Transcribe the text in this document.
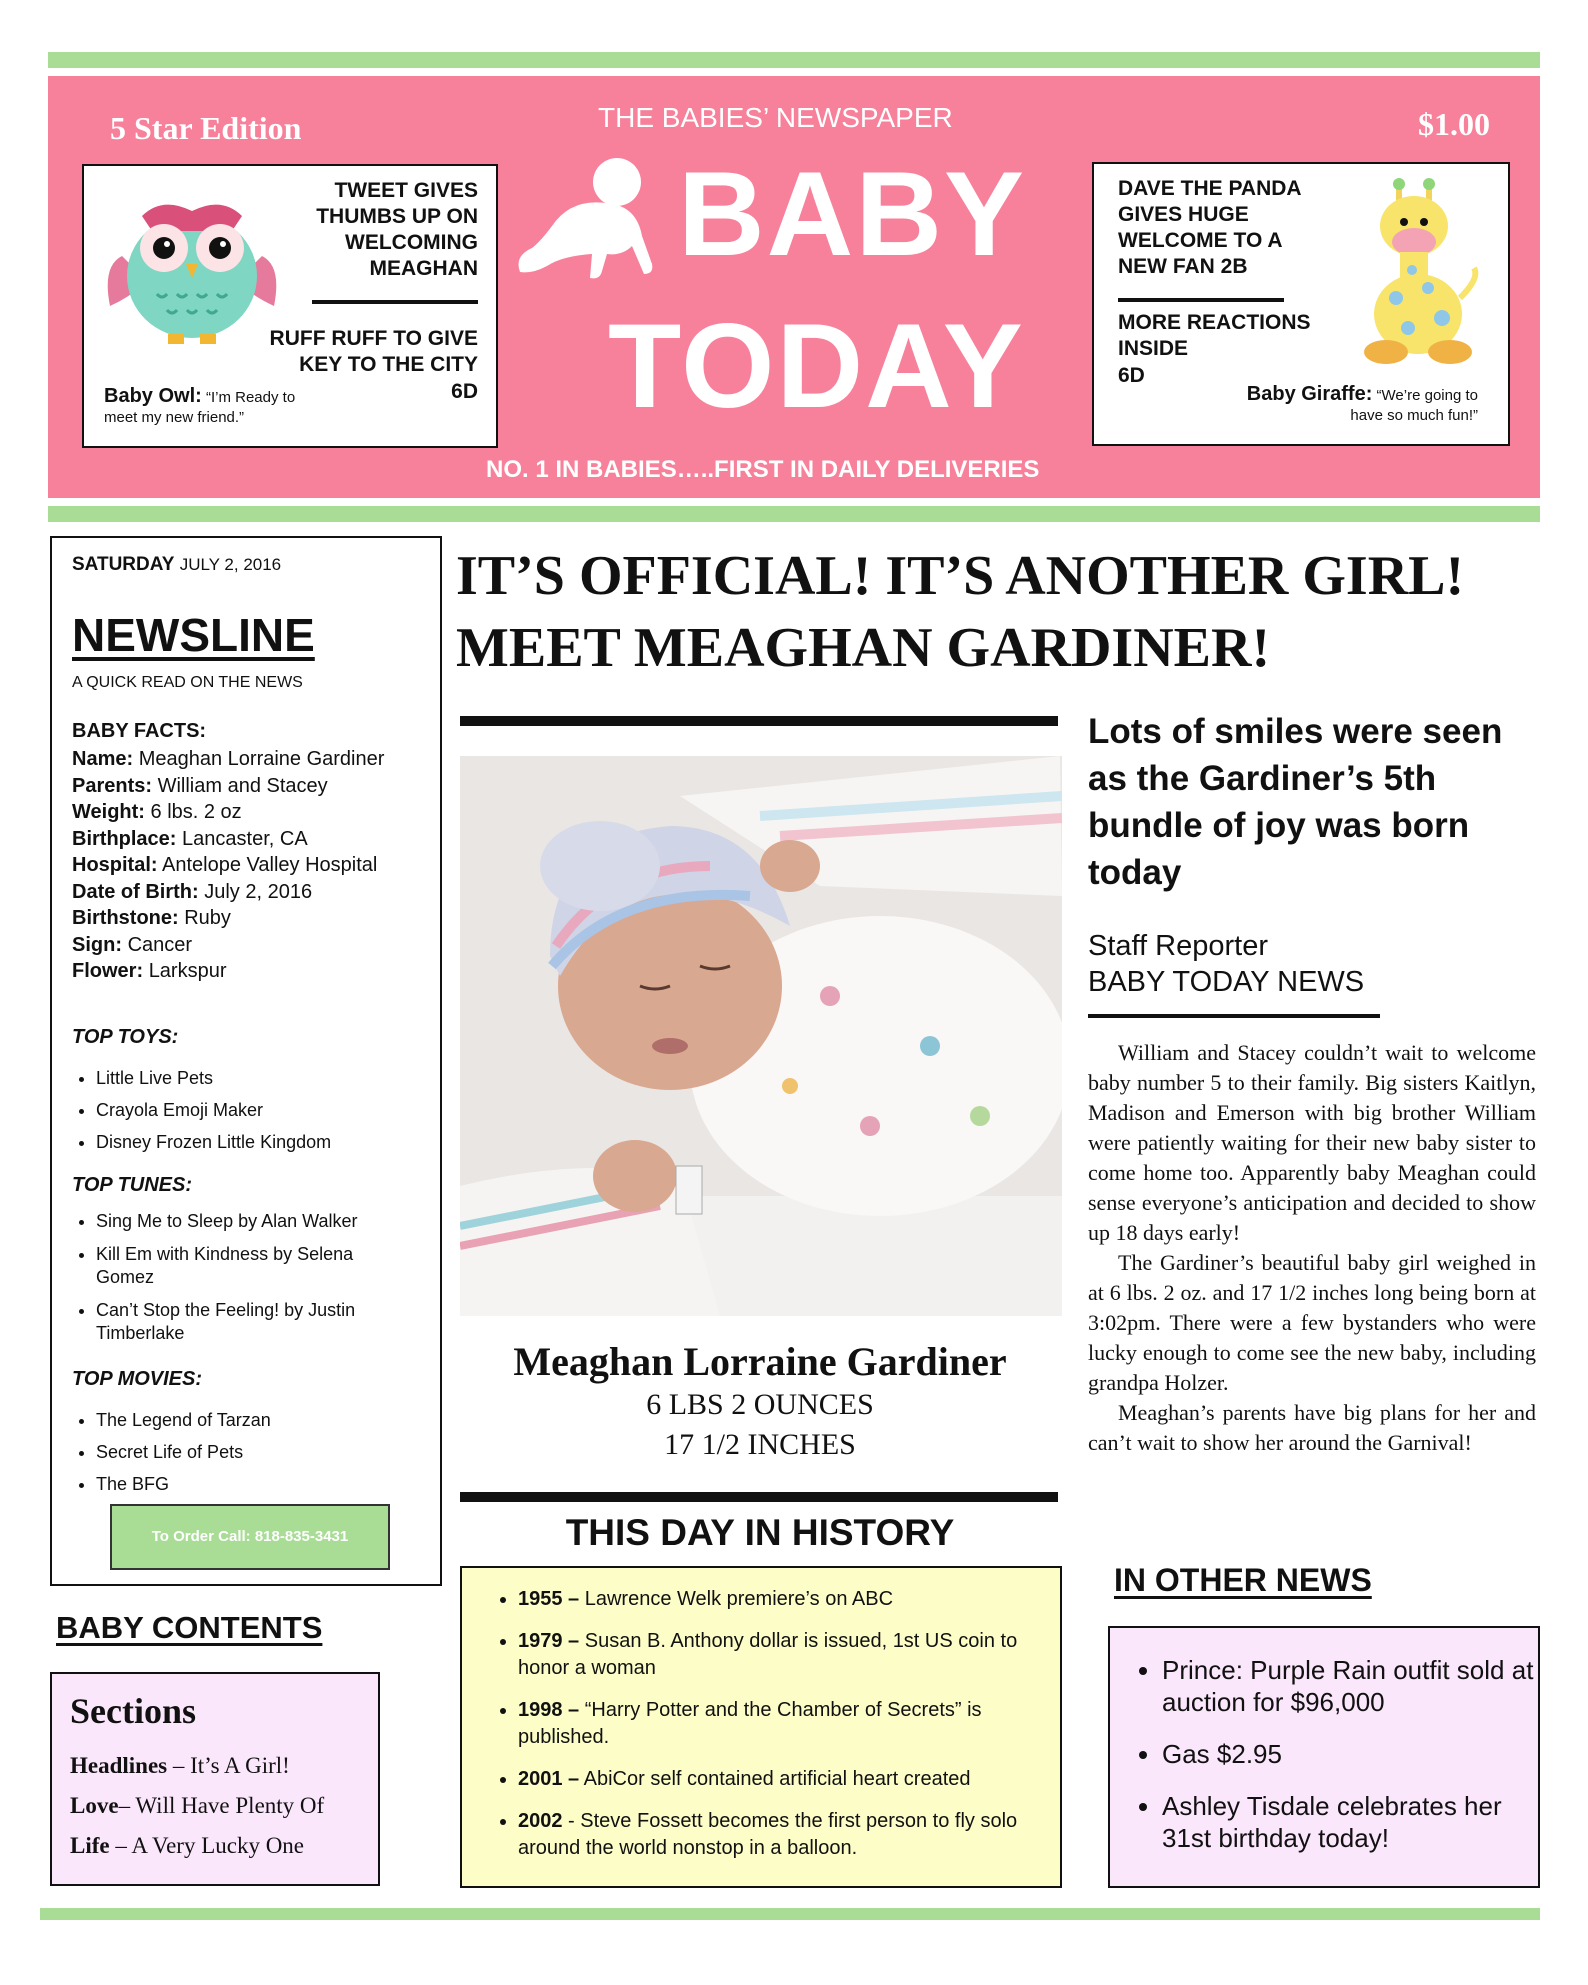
5 Star Edition	THE BABIES’ NEWSPAPER	$1.00
TWEET GIVES THUMBS UP ON WELCOMING MEAGHAN
RUFF RUFF TO GIVE KEY TO THE CITY
6D
Baby Owl: “I’m Ready to meet my new friend.”
BABY
TODAY
DAVE THE PANDA GIVES HUGE WELCOME TO A NEW FAN 2B
MORE REACTIONS INSIDE
6D
Baby Giraffe: “We’re going to have so much fun!”
NO. 1 IN BABIES…..FIRST IN DAILY DELIVERIES
SATURDAY JULY 2, 2016
NEWSLINE
A QUICK READ ON THE NEWS
BABY FACTS:
Name: Meaghan Lorraine Gardiner
Parents: William and Stacey
Weight: 6 lbs. 2 oz
Birthplace: Lancaster, CA
Hospital: Antelope Valley Hospital
Date of Birth: July 2, 2016
Birthstone: Ruby
Sign: Cancer
Flower: Larkspur
TOP TOYS:
• Little Live Pets
• Crayola Emoji Maker
• Disney Frozen Little Kingdom
TOP TUNES:
• Sing Me to Sleep by Alan Walker
• Kill Em with Kindness by Selena Gomez
• Can’t Stop the Feeling! by Justin Timberlake
TOP MOVIES:
• The Legend of Tarzan
• Secret Life of Pets
• The BFG
To Order Call: 818-835-3431
BABY CONTENTS
Sections
Headlines – It’s A Girl!
Love– Will Have Plenty Of
Life – A Very Lucky One
IT’S OFFICIAL! IT’S ANOTHER GIRL!
MEET MEAGHAN GARDINER!
Meaghan Lorraine Gardiner
6 LBS 2 OUNCES
17 1/2 INCHES
THIS DAY IN HISTORY
• 1955 – Lawrence Welk premiere’s on ABC
• 1979 – Susan B. Anthony dollar is issued, 1st US coin to honor a woman
• 1998 – “Harry Potter and the Chamber of Secrets” is published.
• 2001 – AbiCor self contained artificial heart created
• 2002 - Steve Fossett becomes the first person to fly solo around the world nonstop in a balloon.
Lots of smiles were seen as the Gardiner’s 5th bundle of joy was born today
Staff Reporter
BABY TODAY NEWS

William and Stacey couldn’t wait to welcome baby number 5 to their family. Big sisters Kaitlyn, Madison and Emerson with big brother William were patiently waiting for their new baby sister to come home too. Apparently baby Meaghan could sense everyone’s anticipation and decided to show up 18 days early!

The Gardiner’s beautiful baby girl weighed in at 6 lbs. 2 oz. and 17 1/2 inches long being born at 3:02pm. There were a few bystanders who were lucky enough to come see the new baby, including grandpa Holzer.

Meaghan’s parents have big plans for her and can’t wait to show her around the Garnival!

IN OTHER NEWS
• Prince: Purple Rain outfit sold at auction for $96,000
• Gas $2.95
• Ashley Tisdale celebrates her 31st birthday today!
